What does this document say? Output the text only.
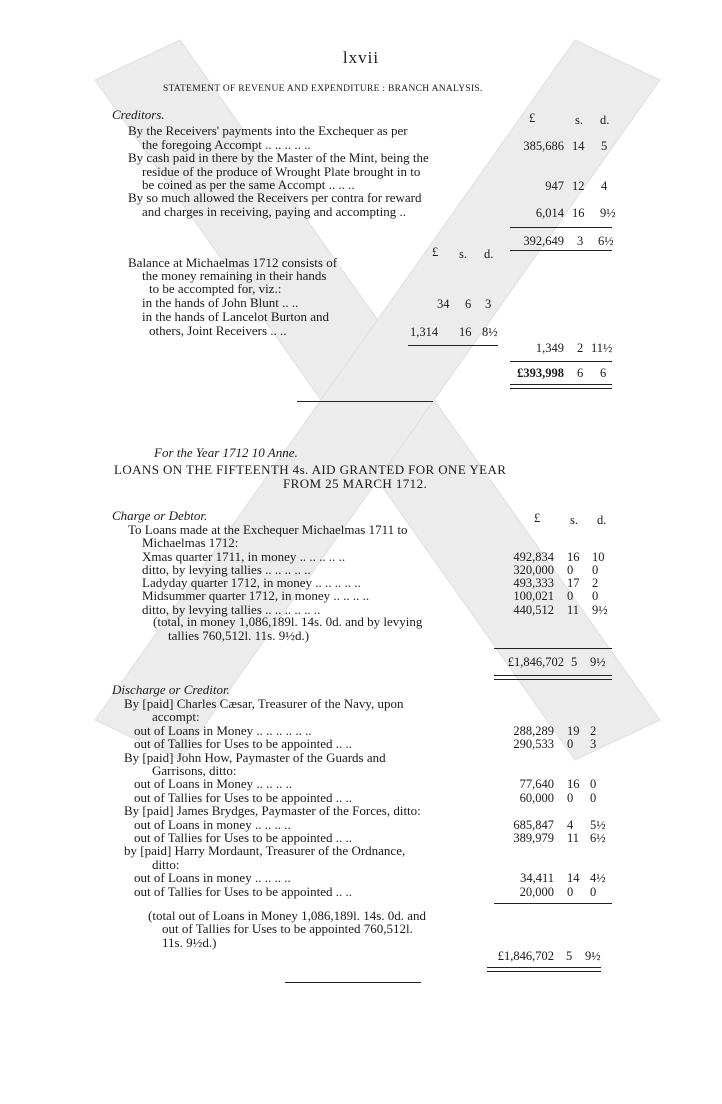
lxvii
STATEMENT OF REVENUE AND EXPENDITURE : BRANCH ANALYSIS.
Creditors.	£	s. d.
By the Receivers' payments into the Exchequer as per
the foregoing Accompt .. .. .. .. ..	385,686 14 5
By cash paid in there by the Master of the Mint, being the
residue of the produce of Wrought Plate brought in to
be coined as per the same Accompt .. .. ..	947 12 4
By so much allowed the Receivers per contra for reward
and charges in receiving, paying and accompting ..	6,014 16 9½
392,649 3 6½
£ s. d.
Balance at Michaelmas 1712 consists of
the money remaining in their hands
to be accompted for, viz.:
in the hands of John Blunt .. ..	34 6 3
in the hands of Lancelot Burton and
others, Joint Receivers .. ..	1,314 16 8½
1,349 2 11½
£393,998 6 6
For the Year 1712 10 Anne.
LOANS ON THE FIFTEENTH 4s. AID GRANTED FOR ONE YEAR
FROM 25 MARCH 1712.
Charge or Debtor.	£ s. d.
To Loans made at the Exchequer Michaelmas 1711 to
Michaelmas 1712:
Xmas quarter 1711, in money .. .. .. .. ..	492,834 16 10
ditto, by levying tallies .. .. .. .. ..	320,000 0 0
Ladyday quarter 1712, in money .. .. .. .. ..	493,333 17 2
Midsummer quarter 1712, in money .. .. .. ..	100,021 0 0
ditto, by levying tallies .. .. .. .. .. ..	440,512 11 9½
(total, in money 1,086,189l. 14s. 0d. and by levying
tallies 760,512l. 11s. 9½d.)
£1,846,702 5 9½
Discharge or Creditor.
By [paid] Charles Cæsar, Treasurer of the Navy, upon
accompt:
out of Loans in Money .. .. .. .. .. ..	288,289 19 2
out of Tallies for Uses to be appointed .. ..	290,533 0 3
By [paid] John How, Paymaster of the Guards and
Garrisons, ditto:
out of Loans in Money .. .. .. ..	77,640 16 0
out of Tallies for Uses to be appointed .. ..	60,000 0 0
By [paid] James Brydges, Paymaster of the Forces, ditto:
out of Loans in money .. .. .. ..	685,847 4 5½
out of Tallies for Uses to be appointed .. ..	389,979 11 6½
by [paid] Harry Mordaunt, Treasurer of the Ordnance,
ditto:
out of Loans in money .. .. .. ..	34,411 14 4½
out of Tallies for Uses to be appointed .. ..	20,000 0 0
(total out of Loans in Money 1,086,189l. 14s. 0d. and
out of Tallies for Uses to be appointed 760,512l.
11s. 9½d.)
£1,846,702 5 9½
